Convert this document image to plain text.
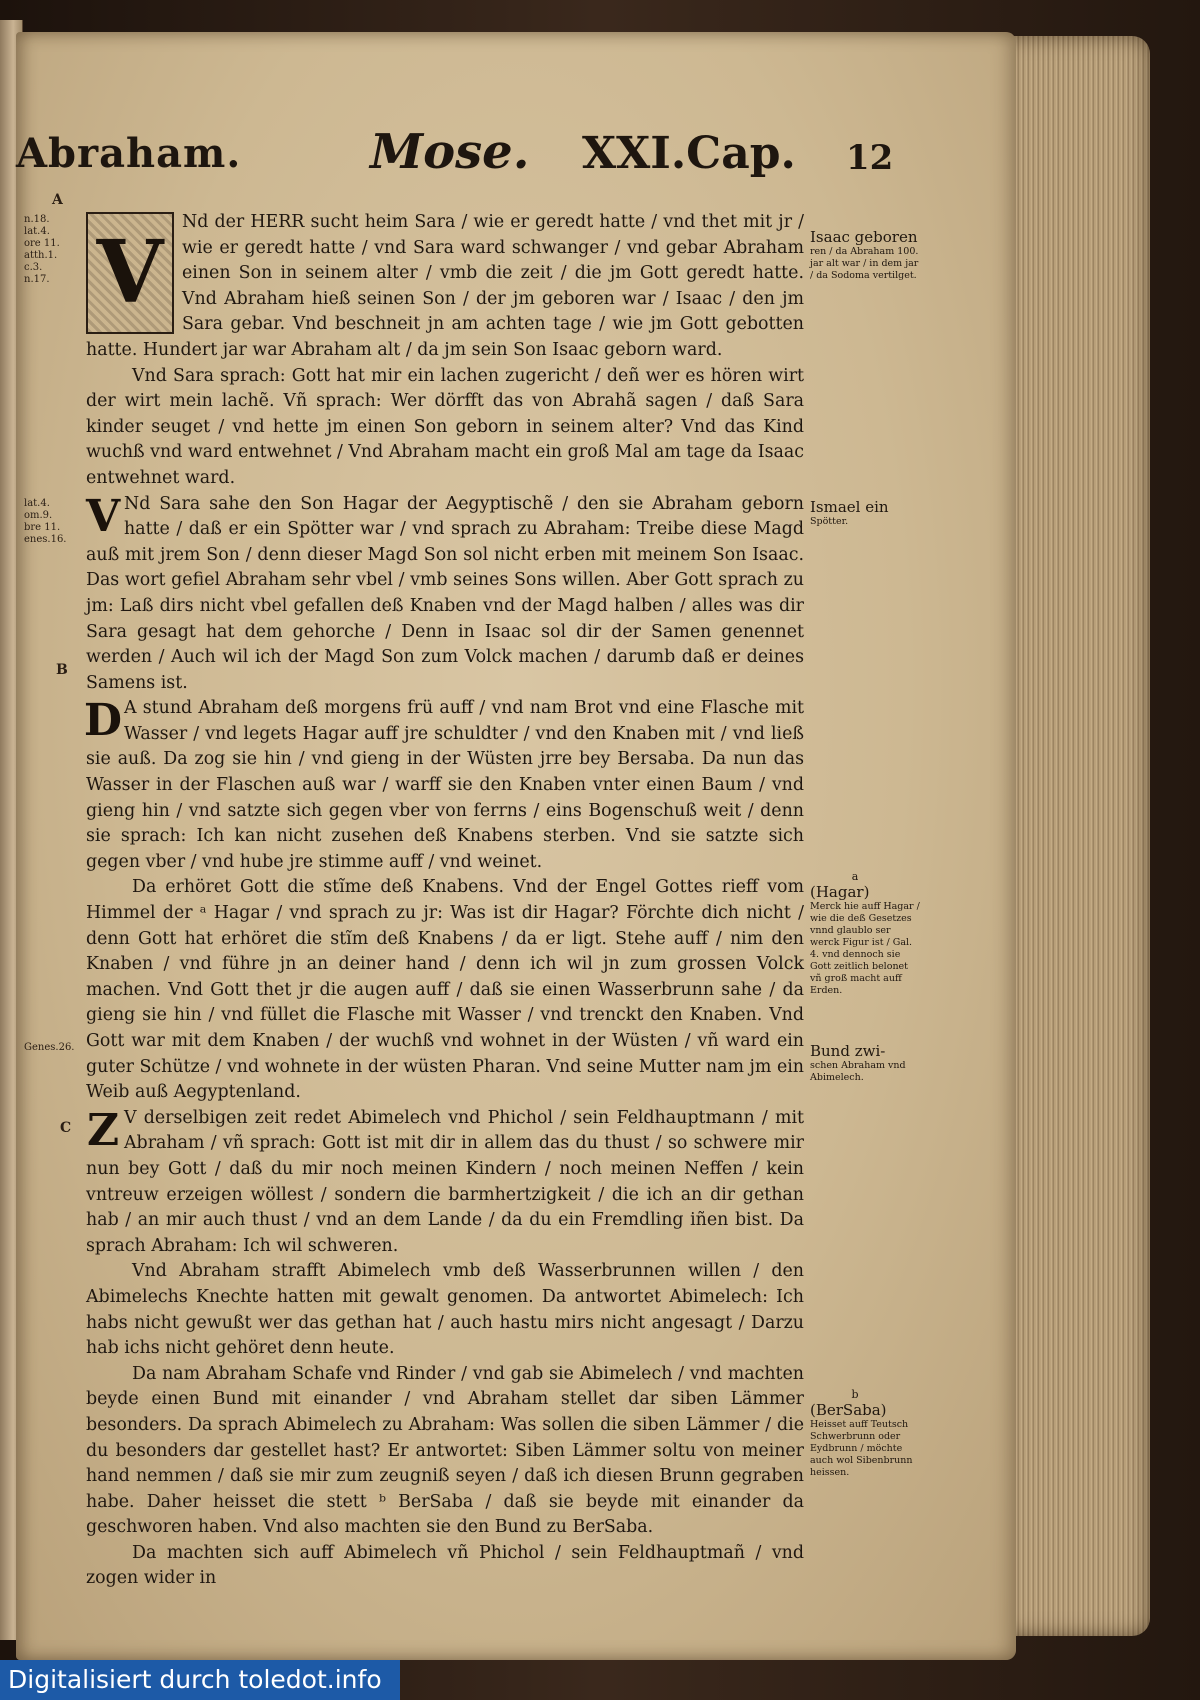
Abraham.	Mose. XXI.Cap. 12
n.18.
lat.4.
ore 11.
atth.1.
c.3.
n.17.
lat.4.
om.9.
bre 11.
enes.16.
Genes.26.
A
B
C

V	Nd der HERR sucht heim Sara / wie er geredt hatte / vnd thet mit jr / wie er geredt hatte / vnd Sara ward schwanger / vnd gebar Abraham einen Son in seinem alter / vmb die zeit / die jm Gott geredt hatte. Vnd Abraham hieß seinen Son / der jm geboren war / Isaac / den jm Sara gebar. Vnd beschneit jn am achten tage / wie jm Gott gebotten hatte. Hundert jar war Abraham alt / da jm sein Son Isaac geborn ward.

Vnd Sara sprach: Gott hat mir ein lachen zugericht / deñ wer es hören wirt der wirt mein lachẽ. Vñ sprach: Wer dörfft das von Abrahã sagen / daß Sara kinder seuget / vnd hette jm einen Son geborn in seinem alter? Vnd das Kind wuchß vnd ward entwehnet / Vnd Abraham macht ein groß Mal am tage da Isaac entwehnet ward.

V Nd Sara sahe den Son Hagar der Aegyptischẽ / den sie Abraham geborn hatte / daß er ein Spötter war / vnd sprach zu Abraham: Treibe diese Magd auß mit jrem Son / denn dieser Magd Son sol nicht erben mit meinem Son Isaac. Das wort gefiel Abraham sehr vbel / vmb seines Sons willen. Aber Gott sprach zu jm: Laß dirs nicht vbel gefallen deß Knaben vnd der Magd halben / alles was dir Sara gesagt hat dem gehorche / Denn in Isaac sol dir der Samen genennet werden / Auch wil ich der Magd Son zum Volck machen / darumb daß er deines Samens ist.

D A stund Abraham deß morgens frü auff / vnd nam Brot vnd eine Flasche mit Wasser / vnd legets Hagar auff jre schuldter / vnd den Knaben mit / vnd ließ sie auß. Da zog sie hin / vnd gieng in der Wüsten jrre bey Bersaba. Da nun das Wasser in der Flaschen auß war / warff sie den Knaben vnter einen Baum / vnd gieng hin / vnd satzte sich gegen vber von ferrns / eins Bogenschuß weit / denn sie sprach: Ich kan nicht zusehen deß Knabens sterben. Vnd sie satzte sich gegen vber / vnd hube jre stimme auff / vnd weinet.

Da erhöret Gott die stĩme deß Knabens. Vnd der Engel Gottes rieff vom Himmel der ᵃ Hagar / vnd sprach zu jr: Was ist dir Hagar? Förchte dich nicht / denn Gott hat erhöret die stĩm deß Knabens / da er ligt. Stehe auff / nim den Knaben / vnd führe jn an deiner hand / denn ich wil jn zum grossen Volck machen. Vnd Gott thet jr die augen auff / daß sie einen Wasserbrunn sahe / da gieng sie hin / vnd füllet die Flasche mit Wasser / vnd trenckt den Knaben. Vnd Gott war mit dem Knaben / der wuchß vnd wohnet in der Wüsten / vñ ward ein guter Schütze / vnd wohnete in der wüsten Pharan. Vnd seine Mutter nam jm ein Weib auß Aegyptenland.

Z V derselbigen zeit redet Abimelech vnd Phichol / sein Feldhauptmann / mit Abraham / vñ sprach: Gott ist mit dir in allem das du thust / so schwere mir nun bey Gott / daß du mir noch meinen Kindern / noch meinen Neffen / kein vntreuw erzeigen wöllest / sondern die barmhertzigkeit / die ich an dir gethan hab / an mir auch thust / vnd an dem Lande / da du ein Fremdling iñen bist. Da sprach Abraham: Ich wil schweren.

Vnd Abraham strafft Abimelech vmb deß Wasserbrunnen willen / den Abimelechs Knechte hatten mit gewalt genomen. Da antwortet Abimelech: Ich habs nicht gewußt wer das gethan hat / auch hastu mirs nicht angesagt / Darzu hab ichs nicht gehöret denn heute.

Da nam Abraham Schafe vnd Rinder / vnd gab sie Abimelech / vnd machten beyde einen Bund mit einander / vnd Abraham stellet dar siben Lämmer besonders. Da sprach Abimelech zu Abraham: Was sollen die siben Lämmer / die du besonders dar gestellet hast? Er antwortet: Siben Lämmer soltu von meiner hand nemmen / daß sie mir zum zeugniß seyen / daß ich diesen Brunn gegraben habe. Daher heisset die stett ᵇ BerSaba / daß sie beyde mit einander da geschworen haben. Vnd also machten sie den Bund zu BerSaba.

Da machten sich auff Abimelech vñ Phichol / sein Feldhauptmañ / vnd zogen wider in

Isaac geboren
ren / da Abraham 100. jar alt war / in dem jar / da Sodoma vertilget.
Ismael ein
Spötter.
a
(Hagar)
Merck hie auff Hagar / wie die deß Gesetzes vnnd glaublo ser werck Figur ist / Gal. 4. vnd dennoch sie Gott zeitlich belonet vñ groß macht auff Erden.
Bund zwi-
schen Abraham vnd Abimelech.
b
(BerSaba)
Heisset auff Teutsch Schwerbrunn oder Eydbrunn / möchte auch wol Sibenbrunn heissen.
Digitalisiert durch toledot.info
